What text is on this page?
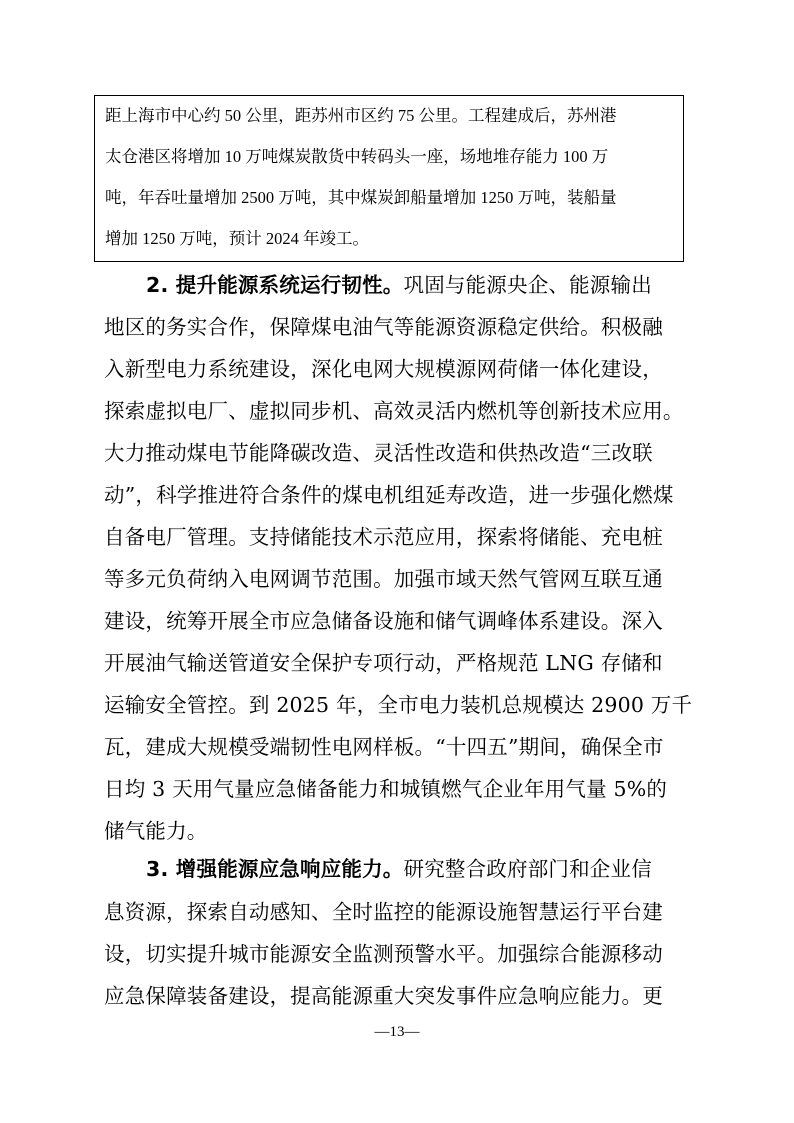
距上海市中心约 50 公里，距苏州市区约 75 公里。工程建成后，苏州港
太仓港区将增加 10 万吨煤炭散货中转码头一座，场地堆存能力 100 万
吨，年吞吐量增加 2500 万吨，其中煤炭卸船量增加 1250 万吨，装船量
增加 1250 万吨，预计 2024 年竣工。
2. 提升能源系统运行韧性。巩固与能源央企、能源输出
地区的务实合作，保障煤电油气等能源资源稳定供给。积极融
入新型电力系统建设，深化电网大规模源网荷储一体化建设，
探索虚拟电厂、虚拟同步机、高效灵活内燃机等创新技术应用。
大力推动煤电节能降碳改造、灵活性改造和供热改造“三改联
动”，科学推进符合条件的煤电机组延寿改造，进一步强化燃煤
自备电厂管理。支持储能技术示范应用，探索将储能、充电桩
等多元负荷纳入电网调节范围。加强市域天然气管网互联互通
建设，统筹开展全市应急储备设施和储气调峰体系建设。深入
开展油气输送管道安全保护专项行动，严格规范 LNG 存储和
运输安全管控。到 2025 年，全市电力装机总规模达 2900 万千
瓦，建成大规模受端韧性电网样板。“十四五”期间，确保全市
日均 3 天用气量应急储备能力和城镇燃气企业年用气量 5%的
储气能力。
3. 增强能源应急响应能力。研究整合政府部门和企业信
息资源，探索自动感知、全时监控的能源设施智慧运行平台建
设，切实提升城市能源安全监测预警水平。加强综合能源移动
应急保障装备建设，提高能源重大突发事件应急响应能力。更
—13—
